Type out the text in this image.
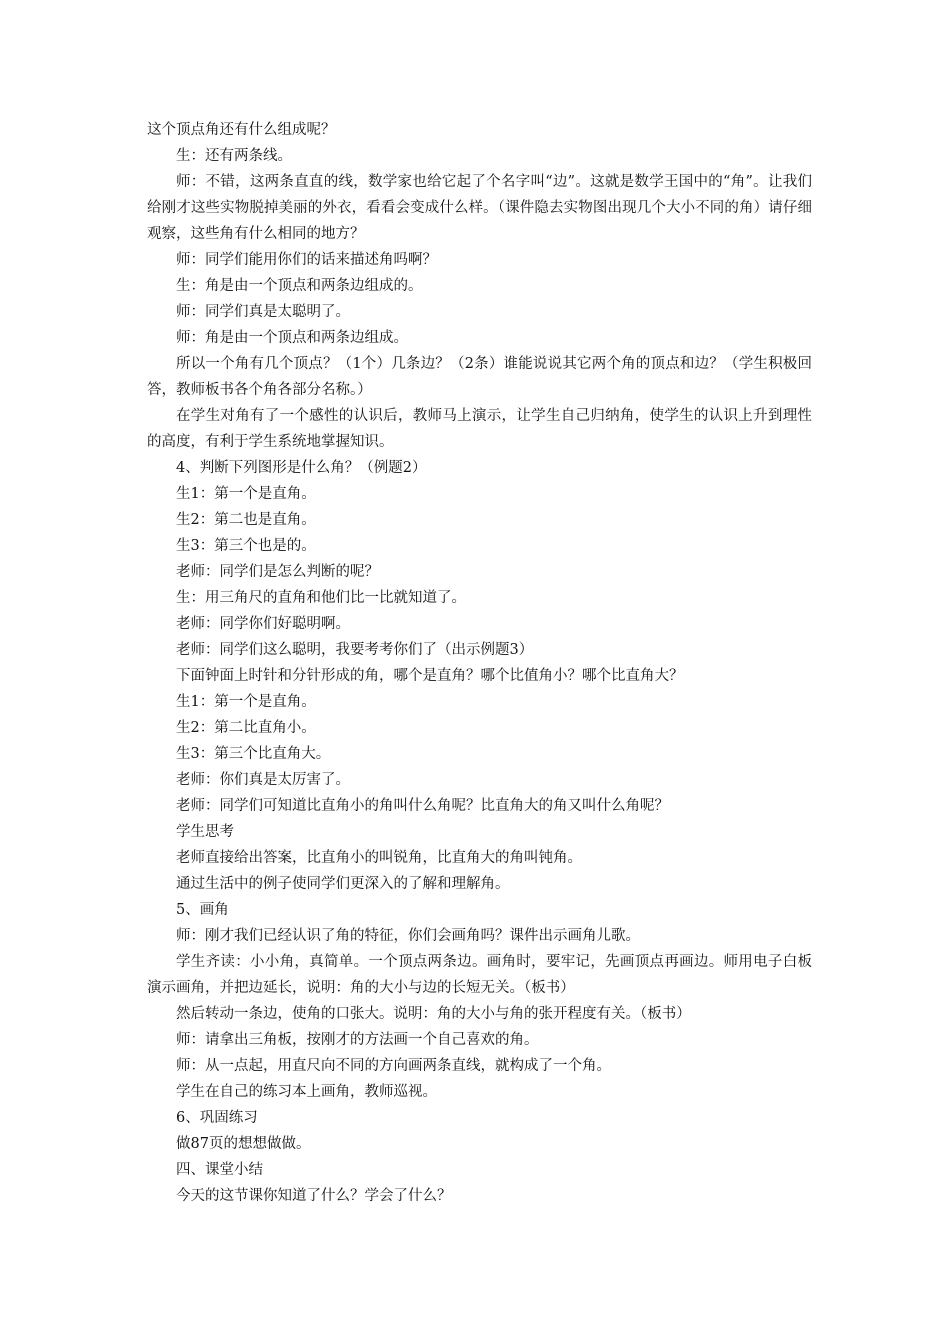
这个顶点角还有什么组成呢？

生：还有两条线。

师：不错，这两条直直的线，数学家也给它起了个名字叫“边”。这就是数学王国中的“角”。让我们给刚才这些实物脱掉美丽的外衣，看看会变成什么样。（课件隐去实物图出现几个大小不同的角）请仔细观察，这些角有什么相同的地方？

师：同学们能用你们的话来描述角吗啊？

生：角是由一个顶点和两条边组成的。

师：同学们真是太聪明了。

师：角是由一个顶点和两条边组成。

所以一个角有几个顶点？（1个）几条边？（2条）谁能说说其它两个角的顶点和边？（学生积极回答，教师板书各个角各部分名称。）

在学生对角有了一个感性的认识后，教师马上演示，让学生自己归纳角，使学生的认识上升到理性的高度，有利于学生系统地掌握知识。

4、判断下列图形是什么角？（例题2）

生1：第一个是直角。

生2：第二也是直角。

生3：第三个也是的。

老师：同学们是怎么判断的呢？

生：用三角尺的直角和他们比一比就知道了。

老师：同学你们好聪明啊。

老师：同学们这么聪明，我要考考你们了（出示例题3）

下面钟面上时针和分针形成的角，哪个是直角？哪个比值角小？哪个比直角大？

生1：第一个是直角。

生2：第二比直角小。

生3：第三个比直角大。

老师：你们真是太厉害了。

老师：同学们可知道比直角小的角叫什么角呢？比直角大的角又叫什么角呢？

学生思考

老师直接给出答案，比直角小的叫锐角，比直角大的角叫钝角。

通过生活中的例子使同学们更深入的了解和理解角。

5、画角

师：刚才我们已经认识了角的特征，你们会画角吗？课件出示画角儿歌。

学生齐读：小小角，真简单。一个顶点两条边。画角时，要牢记，先画顶点再画边。师用电子白板演示画角，并把边延长，说明：角的大小与边的长短无关。（板书）

然后转动一条边，使角的口张大。说明：角的大小与角的张开程度有关。（板书）

师：请拿出三角板，按刚才的方法画一个自己喜欢的角。

师：从一点起，用直尺向不同的方向画两条直线，就构成了一个角。

学生在自己的练习本上画角，教师巡视。

6、巩固练习

做87页的想想做做。

四、课堂小结

今天的这节课你知道了什么？学会了什么？
